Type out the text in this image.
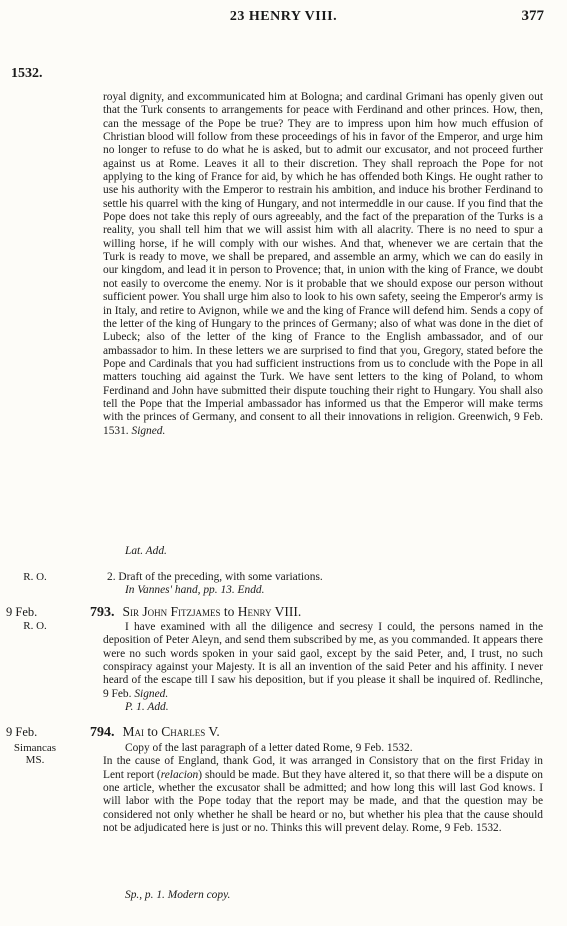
23 HENRY VIII.	377
1532.

royal dignity, and excommunicated him at Bologna; and cardinal Grimani has openly given out that the Turk consents to arrangements for peace with Ferdinand and other princes. How, then, can the message of the Pope be true? They are to impress upon him how much effusion of Christian blood will follow from these proceedings of his in favor of the Emperor, and urge him no longer to refuse to do what he is asked, but to admit our excusator, and not proceed further against us at Rome. Leaves it all to their discretion. They shall reproach the Pope for not applying to the king of France for aid, by which he has offended both Kings. He ought rather to use his authority with the Emperor to restrain his ambition, and induce his brother Ferdinand to settle his quarrel with the king of Hungary, and not intermeddle in our cause. If you find that the Pope does not take this reply of ours agreeably, and the fact of the preparation of the Turks is a reality, you shall tell him that we will assist him with all alacrity. There is no need to spur a willing horse, if he will comply with our wishes. And that, whenever we are certain that the Turk is ready to move, we shall be prepared, and assemble an army, which we can do easily in our kingdom, and lead it in person to Provence; that, in union with the king of France, we doubt not easily to overcome the enemy. Nor is it probable that we should expose our person without sufficient power. You shall urge him also to look to his own safety, seeing the Emperor's army is in Italy, and retire to Avignon, while we and the king of France will defend him. Sends a copy of the letter of the king of Hungary to the princes of Germany; also of what was done in the diet of Lubeck; also of the letter of the king of France to the English ambassador, and of our ambassador to him. In these letters we are surprised to find that you, Gregory, stated before the Pope and Cardinals that you had sufficient instructions from us to conclude with the Pope in all matters touching aid against the Turk. We have sent letters to the king of Poland, to whom Ferdinand and John have submitted their dispute touching their right to Hungary. You shall also tell the Pope that the Imperial ambassador has informed us that the Emperor will make terms with the princes of Germany, and consent to all their innovations in religion. Greenwich, 9 Feb. 1531. Signed.

Lat. Add.
R. O.	2. Draft of the preceding, with some variations.
In Vannes' hand, pp. 13. Endd.
9 Feb.	793. Sir John Fitzjames to Henry VIII.
R. O.	I have examined with all the diligence and secresy I could, the persons named in the deposition of Peter Aleyn, and send them subscribed by me, as you commanded. It appears there were no such words spoken in your said gaol, except by the said Peter, and, I trust, no such conspiracy against your Majesty. It is all an invention of the said Peter and his affinity. I never heard of the escape till I saw his deposition, but if you please it shall be inquired of. Redlinche, 9 Feb. Signed.

P. 1. Add.
9 Feb.	794. Mai to Charles V.
Simancas
MS.

Copy of the last paragraph of a letter dated Rome, 9 Feb. 1532.

In the cause of England, thank God, it was arranged in Consistory that on the first Friday in Lent report (relacion) should be made. But they have altered it, so that there will be a dispute on one article, whether the excusator shall be admitted; and how long this will last God knows. I will labor with the Pope today that the report may be made, and that the question may be considered not only whether he shall be heard or no, but whether his plea that the cause should not be adjudicated here is just or no. Thinks this will prevent delay. Rome, 9 Feb. 1532.

Sp., p. 1. Modern copy.
